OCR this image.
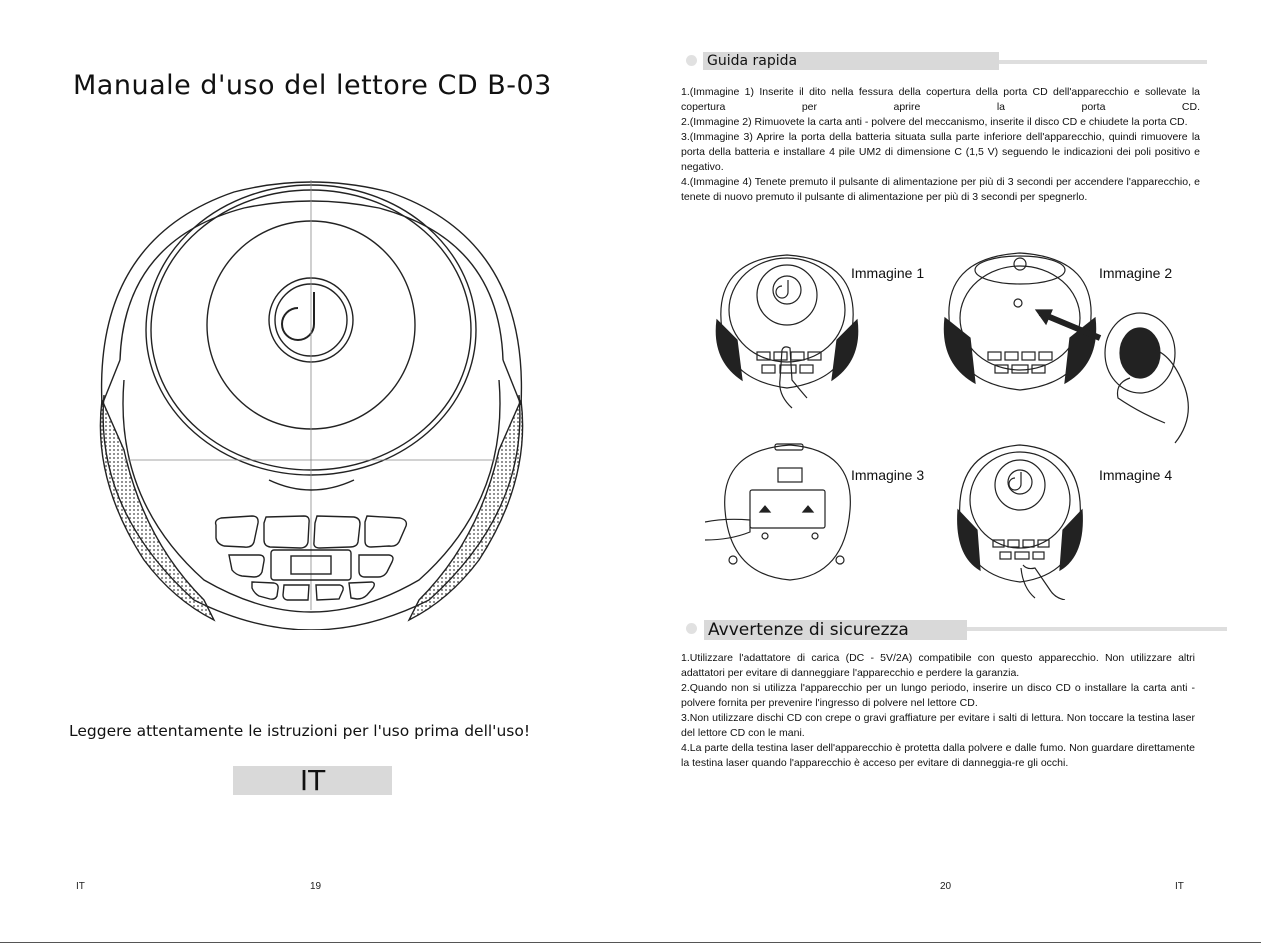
Manuale d'uso del lettore CD B-03
Leggere attentamente le istruzioni per l'uso prima dell'uso!
IT
IT	19
Guida rapida

1.(Immagine 1) Inserite il dito nella fessura della copertura della porta CD dell'apparecchio e sollevate la copertura per aprire la porta CD.

2.(Immagine 2) Rimuovete la carta anti - polvere del meccanismo, inserite il disco CD e chiudete la porta CD.

3.(Immagine 3) Aprire la porta della batteria situata sulla parte inferiore dell'apparecchio, quindi rimuovere la porta della batteria e installare 4 pile UM2 di dimensione C (1,5 V) seguendo le indicazioni dei poli positivo e negativo.

4.(Immagine 4) Tenete premuto il pulsante di alimentazione per più di 3 secondi per accendere l'apparecchio, e tenete di nuovo premuto il pulsante di alimentazione per più di 3 secondi per spegnerlo.

Immagine 1	Immagine 2
Immagine 3	Immagine 4
Avvertenze di sicurezza

1.Utilizzare l'adattatore di carica (DC - 5V/2A) compatibile con questo apparecchio. Non utilizzare altri adattatori per evitare di danneggiare l'apparecchio e perdere la garanzia.

2.Quando non si utilizza l'apparecchio per un lungo periodo, inserire un disco CD o installare la carta anti - polvere fornita per prevenire l'ingresso di polvere nel lettore CD.

3.Non utilizzare dischi CD con crepe o gravi graffiature per evitare i salti di lettura. Non toccare la testina laser del lettore CD con le mani.

4.La parte della testina laser dell'apparecchio è protetta dalla polvere e dalle fumo. Non guardare direttamente la testina laser quando l'apparecchio è acceso per evitare di danneggia-re gli occhi.

20	IT
